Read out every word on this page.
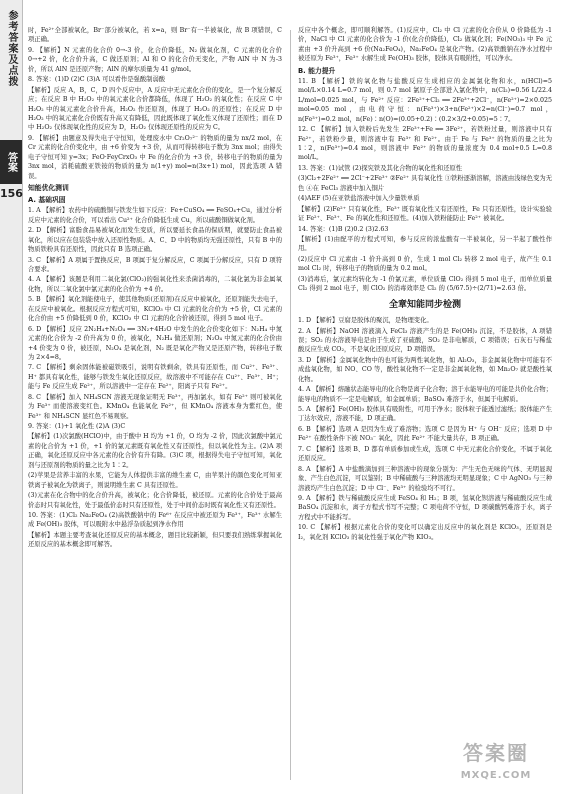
参考答案及点拨
答案
156

时，Fe²⁺全部被氧化，Br⁻部分被氧化，若 x=a，则 Br⁻有一半被氧化，故 B 项错误，C 项正确。

9. 【解析】N 元素的化合价 0→-3 价，化合价降低，N₂ 做氧化剂，C 元素的化合价 0→+2 价，化合价升高，C 做还原剂；Al 和 O 的化合价无变化，产物 AlN 中 N 为-3 价，所以 AlN 是还原产物；AlN 的摩尔质量为 41 g/mol。

8. 答案：(1)D (2)C (3)A 可以看作是强酸制弱酸

【解析】反应 A，B，C，D 四个反应中，A 反应中无元素化合价的变化，是一个复分解反应；在反应 B 中 H₂O₂ 中的氧元素化合价都降低，体现了 H₂O₂ 的氧化性；在反应 C 中 H₂O₂ 中的氧元素化合价升高，H₂O₂ 作还原剂，体现了 H₂O₂ 的还原性；在反应 D 中 H₂O₂ 中的氧元素化合价既有升高又有降低，因此既体现了氧化性又体现了还原性；而在 D 中 H₂O₂ 仅体现氧化性的反应为 D，H₂O₂ 仅体现还原性的反应为 C。

9. 【解析】由题意及得失电子守恒知，处理废水中 Cr₂O₇²⁻ 的物质的量为 nx/2 mol，在 Cr 元素的化合价变化中，由 +6 价变为 +3 价，从而可得转移电子数为 3nx mol；由得失电子守恒可知 y=3x；FeO·FeyCrxO₃ 中 Fe 的化合价为 +3 价，转移电子的物质的量为 3nx mol，消耗硫酸亚铁铵的物质的量为 n(1+y) mol=n(3x+1) mol，因此选项 A 错误。

知能优化测训

A. 基础巩固

1. A 【解析】农药中的硫酸铜与铁发生如下反应：Fe+CuSO₄ ══ FeSO₄+Cu，通过分析反应中元素的化合价，可以看出 Cu²⁺ 化合价降低生成 Cu，所以硫酸铜做氧化剂。

2. D 【解析】富脂食品易被氧化而发生变质，所以要延长食品的保质期，就要防止食品被氧化，所以应在包装袋中放入还原性物质。A、C、D 中的物质均无强还原性，只有 B 中的物质铁粉具有还原性，因此只有 B 选项正确。

3. C 【解析】A 项属于置换反应，B 项属于复分解反应，C 项属于分解反应，只有 D 项符合要求。

4. A 【解析】该题是利用二氧化氯(ClO₂)的强氧化性来杀菌消毒的，二氧化氯为非金属氧化物，所以二氧化氯中氯元素的化合价为 +4 价。

5. B 【解析】氧化剂能使电子，使其他物质(还原剂)在反应中被氧化，还原剂能失去电子，在反应中被氧化。根据反应方程式可知，KClO₃ 中 Cl 元素的化合价为 +5 价，Cl 元素的化合价由 +5 价降低到 0 价，KClO₃ 中 Cl 元素的化合价被还原，得到 5 mol 电子。

6. D 【解析】反应 2N₂H₄+N₂O₄ ══ 3N₂+4H₂O 中发生的化合价变化如下：N₂H₄ 中氮元素的化合价为 -2 价升高为 0 价，被氧化，N₂H₄ 做还原剂；N₂O₄ 中氮元素的化合价由 +4 价变为 0 价，被还原，N₂O₄ 是氧化剂，N₂ 既是氧化产物又是还原产物，转移电子数为 2×4=8。

7. C 【解析】剩余固体能被磁铁吸引，说明有铁剩余，铁具有还原性，而 Cu²⁺、Fe³⁺、H⁺ 都具有氧化性，能够与铁发生氧化还原反应，故溶液中不可能存在 Cu²⁺、Fe³⁺、H⁺；能与 Fe 反应生成 Fe²⁺，所以溶液中一定存在 Fe²⁺，阳离子只有 Fe²⁺。

8. C 【解析】加入 NH₄SCN 溶液无现象证明无 Fe³⁺，再加氯水，如有 Fe²⁺ 则可被氧化为 Fe³⁺ 而使溶液变红色。KMnO₄ 也能氧化 Fe²⁺，但 KMnO₄ 溶液本身为紫红色，使 Fe³⁺ 和 NH₄SCN 显红色不易观察。

9. 答案：(1)+1 氧化性 (2)A (3)C

【解析】(1)次氯酸(HClO)中，由于酸中 H 均为 +1 价，O 均为 -2 价，因此次氯酸中氯元素的化合价为 +1 价，+1 价的氯元素既有氧化性又有还原性，但以氧化性为主。(2)A 项正确，氧化还原反应中各元素的化合价有升有降。(3)C 项，根据得失电子守恒可知，氧化剂与还原剂的物质的量之比为 1∶2。

(2)苹果是营养丰富的水果，它能为人体提供丰富的维生素 C，由苹果汁的颜色变化可知亚铁离子被氧化为铁离子，则说明维生素 C 具有还原性。

(3)元素在化合物中的化合价升高，被氧化；化合价降低，被还原。元素的化合价处于最高价态时只有氧化性，处于最低价态时只有还原性，处于中间价态时既有氧化性又有还原性。

10. 答案：(1)Cl₂ Na₂FeO₄ (2)高铁酸钠中的 Fe⁶⁺ 在反应中被还原为 Fe³⁺，Fe³⁺ 水解生成 Fe(OH)₃ 胶体，可以吸附水中悬浮杂质起到净水作用

【解析】本题主要考查氧化还原反应的基本概念，题目比较新颖，但只要我们熟练掌握氧化还原反应的基本概念即可解答。

反应中各个概念，即可顺利解答。(1)反应中，Cl₂ 中 Cl 元素的化合价从 0 价降低为 -1 价，NaCl 中 Cl 元素的化合价为 -1 价(化合价降低)，Cl₂ 做氧化剂；Fe(NO₃)₃ 中 Fe 元素由 +3 价升高到 +6 价(Na₂FeO₄)，Na₂FeO₄ 是氧化产物。(2)高铁酸钠在净水过程中被还原为 Fe³⁺，Fe³⁺ 水解生成 Fe(OH)₃ 胶体，胶体具有吸附性，可以净水。

B. 能力提升

11. B 【解析】铁的氧化物与盐酸反应生成相应的金属氯化物和水，n(HCl)=5 mol/L×0.14 L=0.7 mol，则 0.7 mol 氯原子全部进入氯化物中，n(Cl₂)=0.56 L/22.4 L/mol=0.025 mol，与 Fe²⁺ 反应：2Fe²⁺+Cl₂ ══ 2Fe³⁺+2Cl⁻，n(Fe²⁺)=2×0.025 mol=0.05 mol，由电荷守恒：n(Fe³⁺)×3+n(Fe²⁺)×2=n(Cl⁻)=0.7 mol，n(Fe³⁺)=0.2 mol，n(Fe)∶n(O)=(0.05+0.2)∶(0.2×3/2+0.05)=5∶7。

12. C 【解析】加入铁粉后先发生 2Fe³⁺+Fe ══ 3Fe²⁺，若铁粉过量，则溶液中只有 Fe²⁺，若铁粉少量，则溶液中有 Fe³⁺ 和 Fe²⁺。由于 Fe 与 Fe³⁺ 的物质的量之比为 1∶2，n(Fe³⁺)=0.4 mol，则溶液中 Fe²⁺ 的物质的量浓度为 0.4 mol+0.5 L=0.8 mol/L。

13. 答案：(1)试管 (2)探究铁及其化合物的氧化性和还原性

(3)Cl₂+2Fe²⁺ ══ 2Cl⁻+2Fe³⁺ ②Fe²⁺ 具有氧化性 ③铁粉逐渐溶解，溶液由浅绿色变为无色 ④在 FeCl₃ 溶液中加入铜片

(4)AEF (5)在亚铁盐溶液中加入少量铁单质

【解析】(2)Fe²⁺ 只有氧化性，Fe³⁺ 既有氧化性又有还原性，Fe 只有还原性，设计实验验证 Fe²⁺、Fe³⁺、Fe 的氧化性和还原性。(4)加入铁粉能防止 Fe²⁺ 被氧化。

14. 答案：(1)B (2)0.2 (3)2.63

【解析】(1)由配平的方程式可知，参与反应的浓盐酸有一半被氧化，另一半起了酸性作用。

(2)反应中 Cl 元素由 -1 价升高到 0 价，生成 1 mol Cl₂ 转移 2 mol 电子，故产生 0.1 mol Cl₂ 时，转移电子的物质的量为 0.2 mol。

(3)消毒后，氯元素均转化为 -1 价氯元素，单位质量 ClO₂ 得到 5 mol 电子，而单位质量 Cl₂ 得到 2 mol 电子，则 ClO₂ 的消毒效率是 Cl₂ 的 (5/67.5)÷(2/71)=2.63 倍。

全章知能同步检测

1. D 【解析】豆腐是胶体的聚沉，是物理变化。

2. A 【解析】NaOH 溶液滴入 FeCl₃ 溶液产生的是 Fe(OH)₃ 沉淀，不是胶体，A 项错误；SO₂ 的水溶液导电是由于生成了亚硫酸，SO₂ 是非电解质，C 项错误；石灰石与稀盐酸反应生成 CO₂，不是氧化还原反应，D 项错误。

3. D 【解析】金属氧化物中的也可能为两性氧化物，如 Al₂O₃，非金属氧化物中可能有不成盐氧化物，如 NO、CO 等，酸性氧化物不一定是非金属氧化物，如 Mn₂O₇ 就是酸性氧化物。

4. A 【解析】熔融状态能导电的化合物是离子化合物；溶于水能导电的可能是共价化合物；能导电的物质不一定是电解质，如金属单质；BaSO₄ 难溶于水，但属于电解质。

5. A 【解析】Fe(OH)₃ 胶体具有吸附性，可用于净水；胶体粒子能透过滤纸；胶体能产生丁达尔效应，溶液不能，D 项正确。

6. B 【解析】选项 A 是因为生成了难溶物；选项 C 是因为 H⁺ 与 OH⁻ 反应；选项 D 中 Fe²⁺ 在酸性条件下被 NO₃⁻ 氧化，因此 Fe²⁺ 不能大量共存，B 项正确。

7. C 【解析】选项 B、D 都有单质参加或生成，选项 C 中无元素化合价变化，不属于氧化还原反应。

8. A 【解析】A 中盐酸滴加到三种溶液中的现象分别为：产生无色无味的气体、无明显现象、产生白色沉淀，可以鉴别；B 中稀硫酸与三种溶液均无明显现象；C 中 AgNO₃ 与三种溶液均产生白色沉淀；D 中 Cl⁻、Fe³⁺ 的检验均不可行。

9. A 【解析】铁与稀硫酸反应生成 FeSO₄ 和 H₂；B 项，氢氧化钡溶液与稀硫酸反应生成 BaSO₄ 沉淀和水，离子方程式书写不完整；C 项电荷不守恒，D 项碳酸钙难溶于水，离子方程式中不能拆写。

10. C 【解析】根据元素化合价的变化可以确定出反应中的氧化剂是 KClO₃，还原剂是 I₂，氧化剂 KClO₃ 的氧化性强于氧化产物 KIO₃。

答案圈
MXQE.COM
